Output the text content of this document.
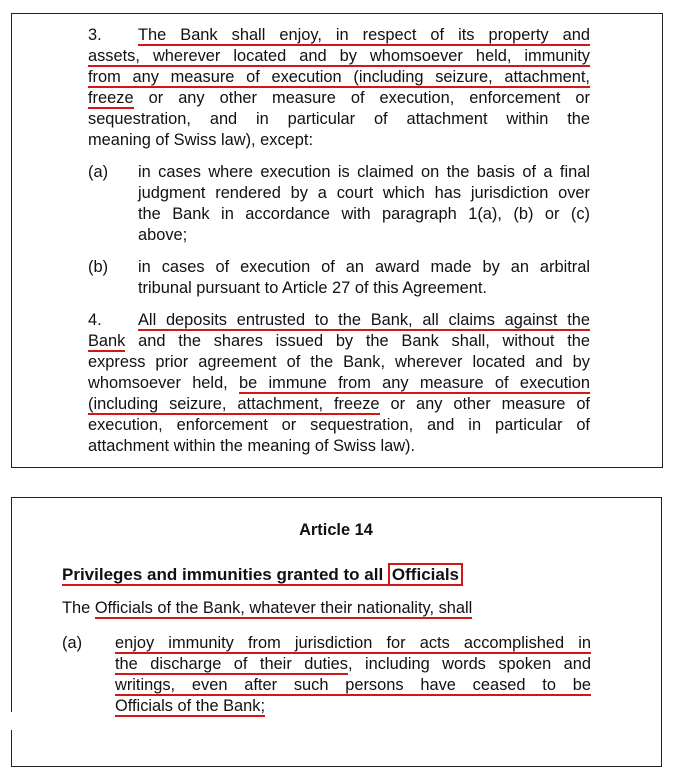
3. The Bank shall enjoy, in respect of its property and
assets, wherever located and by whomsoever held, immunity
from any measure of execution (including seizure, attachment,
freeze or any other measure of execution, enforcement or
sequestration, and in particular of attachment within the
meaning of Swiss law), except:
(a) in cases where execution is claimed on the basis of a final
judgment rendered by a court which has jurisdiction over
the Bank in accordance with paragraph 1(a), (b) or (c)
above;
(b) in cases of execution of an award made by an arbitral
tribunal pursuant to Article 27 of this Agreement.
4. All deposits entrusted to the Bank, all claims against the
Bank and the shares issued by the Bank shall, without the
express prior agreement of the Bank, wherever located and by
whomsoever held, be immune from any measure of execution
(including seizure, attachment, freeze or any other measure of
execution, enforcement or sequestration, and in particular of
attachment within the meaning of Swiss law).
Article 14
Privileges and immunities granted to all Officials
The Officials of the Bank, whatever their nationality, shall
(a) enjoy immunity from jurisdiction for acts accomplished in
the discharge of their duties, including words spoken and
writings, even after such persons have ceased to be
Officials of the Bank;
